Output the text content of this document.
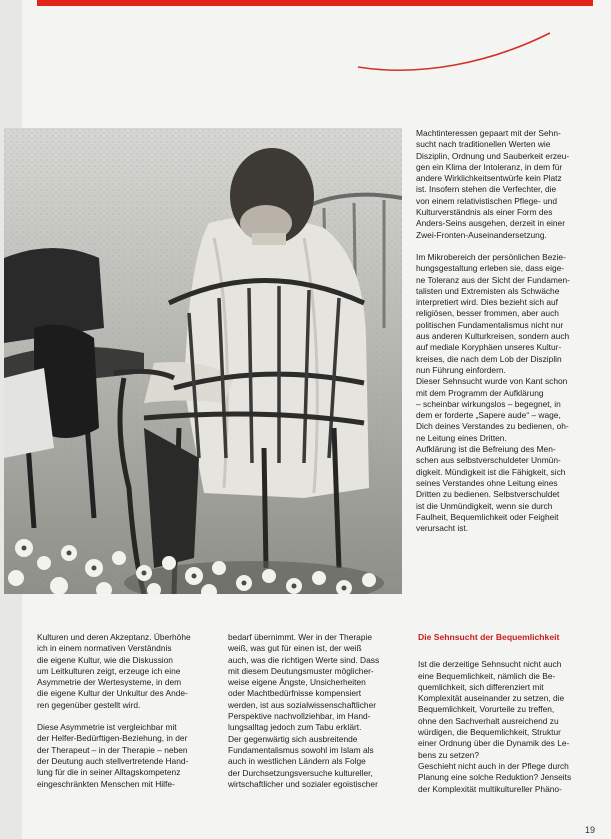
Machtinteressen gepaart mit der Sehn-
sucht nach traditionellen Werten wie
Disziplin, Ordnung und Sauberkeit erzeu-
gen ein Klima der Intoleranz, in dem für
andere Wirklichkeitsentwürfe kein Platz
ist. Insofern stehen die Verfechter, die
von einem relativistischen Pflege- und
Kulturverständnis als einer Form des
Anders-Seins ausgehen, derzeit in einer
Zwei-Fronten-Auseinandersetzung.

Im Mikrobereich der persönlichen Bezie-
hungsgestaltung erleben sie, dass eige-
ne Toleranz aus der Sicht der Fundamen-
talisten und Extremisten als Schwäche
interpretiert wird. Dies bezieht sich auf
religiösen, besser frommen, aber auch
politischen Fundamentalismus nicht nur
aus anderen Kulturkreisen, sondern auch
auf mediale Koryphäen unseres Kultur-
kreises, die nach dem Lob der Disziplin
nun Führung einfordern.
Dieser Sehnsucht wurde von Kant schon
mit dem Programm der Aufklärung
– scheinbar wirkungslos – begegnet, in
dem er forderte „Sapere aude“ – wage,
Dich deines Verstandes zu bedienen, oh-
ne Leitung eines Dritten.
Aufklärung ist die Befreiung des Men-
schen aus selbstverschuldeter Unmün-
digkeit. Mündigkeit ist die Fähigkeit, sich
seines Verstandes ohne Leitung eines
Dritten zu bedienen. Selbstverschuldet
ist die Unmündigkeit, wenn sie durch
Faulheit, Bequemlichkeit oder Feigheit
verursacht ist.

Kulturen und deren Akzeptanz. Überhöhe
ich in einem normativen Verständnis
die eigene Kultur, wie die Diskussion
um Leitkulturen zeigt, erzeuge ich eine
Asymmetrie der Wertesysteme, in dem
die eigene Kultur der Unkultur des Ande-
ren gegenüber gestellt wird.

Diese Asymmetrie ist vergleichbar mit
der Helfer-Bedürftigen-Beziehung, in der
der Therapeut – in der Therapie – neben
der Deutung auch stellvertretende Hand-
lung für die in seiner Alltagskompetenz
eingeschränkten Menschen mit Hilfe-

bedarf übernimmt. Wer in der Therapie
weiß, was gut für einen ist, der weiß
auch, was die richtigen Werte sind. Dass
mit diesem Deutungsmuster möglicher-
weise eigene Ängste, Unsicherheiten
oder Machtbedürfnisse kompensiert
werden, ist aus sozialwissenschaftlicher
Perspektive nachvollziehbar, im Hand-
lungsalltag jedoch zum Tabu erklärt.
Der gegenwärtig sich ausbreitende
Fundamentalismus sowohl im Islam als
auch in westlichen Ländern als Folge
der Durchsetzungsversuche kultureller,
wirtschaftlicher und sozialer egoistischer

Die Sehnsucht der Bequemlichkeit

Ist die derzeitige Sehnsucht nicht auch
eine Bequemlichkeit, nämlich die Be-
quemlichkeit, sich differenziert mit
Komplexität auseinander zu setzen, die
Bequemlichkeit, Vorurteile zu treffen,
ohne den Sachverhalt ausreichend zu
würdigen, die Bequemlichkeit, Struktur
einer Ordnung über die Dynamik des Le-
bens zu setzen?
Geschieht nicht auch in der Pflege durch
Planung eine solche Reduktion? Jenseits
der Komplexität multikultureller Phäno-

19
